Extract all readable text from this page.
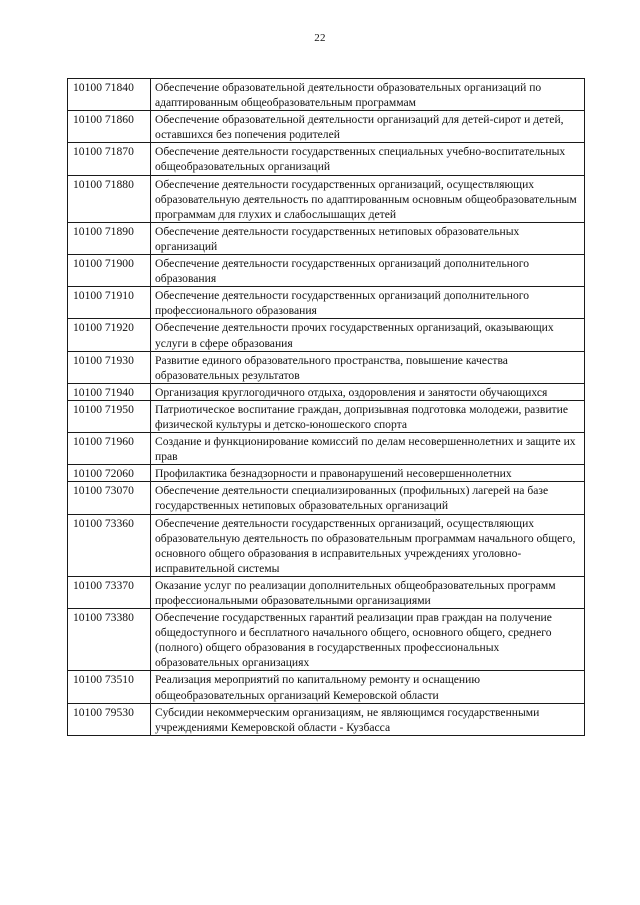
22
10100 71840	Обеспечение образовательной деятельности образовательных организаций по адаптированным общеобразовательным программам
10100 71860	Обеспечение образовательной деятельности организаций для детей-сирот и детей, оставшихся без попечения родителей
10100 71870	Обеспечение деятельности государственных специальных учебно-воспитательных общеобразовательных организаций
10100 71880	Обеспечение деятельности государственных организаций, осуществляющих образовательную деятельность по адаптированным основным общеобразовательным программам для глухих и слабослышащих детей
10100 71890	Обеспечение деятельности государственных нетиповых образовательных организаций
10100 71900	Обеспечение деятельности государственных организаций дополнительного образования
10100 71910	Обеспечение деятельности государственных организаций дополнительного профессионального образования
10100 71920	Обеспечение деятельности прочих государственных организаций, оказывающих услуги в сфере образования
10100 71930	Развитие единого образовательного пространства, повышение качества образовательных результатов
10100 71940	Организация круглогодичного отдыха, оздоровления и занятости обучающихся
10100 71950	Патриотическое воспитание граждан, допризывная подготовка молодежи, развитие физической культуры и детско-юношеского спорта
10100 71960	Создание и функционирование комиссий по делам несовершеннолетних и защите их прав
10100 72060	Профилактика безнадзорности и правонарушений несовершеннолетних
10100 73070	Обеспечение деятельности специализированных (профильных) лагерей на базе государственных нетиповых образовательных организаций
10100 73360	Обеспечение деятельности государственных организаций, осуществляющих образовательную деятельность по образовательным программам начального общего, основного общего образования в исправительных учреждениях уголовно-исправительной системы
10100 73370	Оказание услуг по реализации дополнительных общеобразовательных программ профессиональными образовательными организациями
10100 73380	Обеспечение государственных гарантий реализации прав граждан на получение общедоступного и бесплатного начального общего, основного общего, среднего (полного) общего образования в государственных профессиональных образовательных организациях
10100 73510	Реализация мероприятий по капитальному ремонту и оснащению общеобразовательных организаций Кемеровской области
10100 79530	Субсидии некоммерческим организациям, не являющимся государственными учреждениями Кемеровской области - Кузбасса
